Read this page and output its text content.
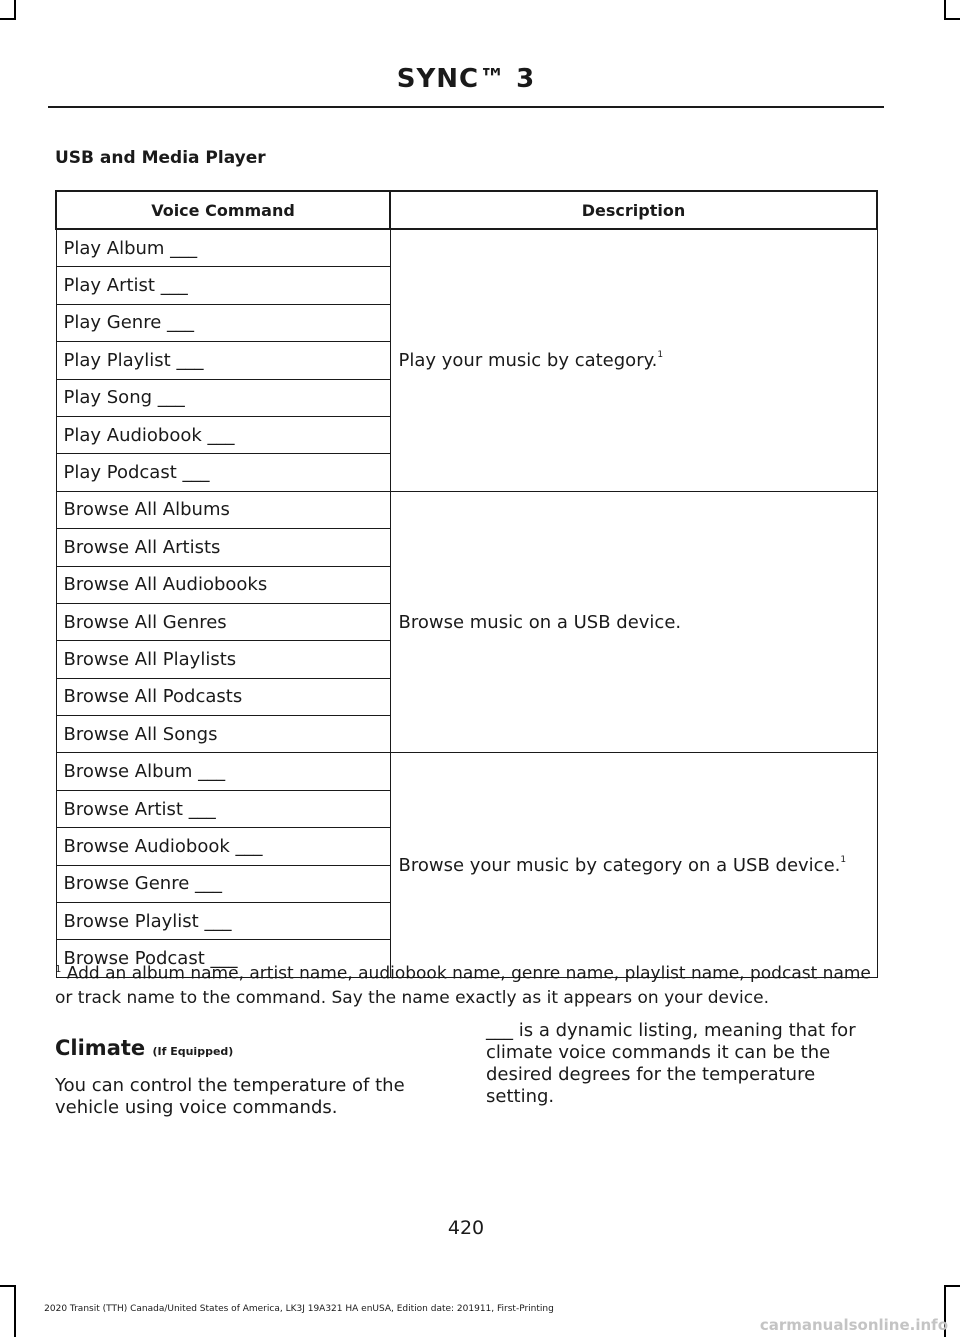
SYNC™ 3
USB and Media Player
Voice Command	Description
Play Album ___	Play your music by category.$^1$
Play Artist ___	
Play Genre ___	
Play Playlist ___	
Play Song ___	
Play Audiobook ___	
Play Podcast ___	
Browse All Albums	Browse music on a USB device.
Browse All Artists	
Browse All Audiobooks	
Browse All Genres	
Browse All Playlists	
Browse All Podcasts	
Browse All Songs	
Browse Album ___	Browse your music by category on a USB device.$^1$
Browse Artist ___	
Browse Audiobook ___	
Browse Genre ___	
Browse Playlist ___	
Browse Podcast ___	

$^1$ Add an album name, artist name, audiobook name, genre name, playlist name, podcast name or track name to the command. Say the name exactly as it appears on your device.

Climate (If Equipped)

You can control the temperature of the vehicle using voice commands.

___ is a dynamic listing, meaning that for climate voice commands it can be the desired degrees for the temperature setting.

420
2020 Transit (TTH) Canada/United States of America, LK3J 19A321 HA enUSA, Edition date: 201911, First-Printing
carmanualsonline.info
